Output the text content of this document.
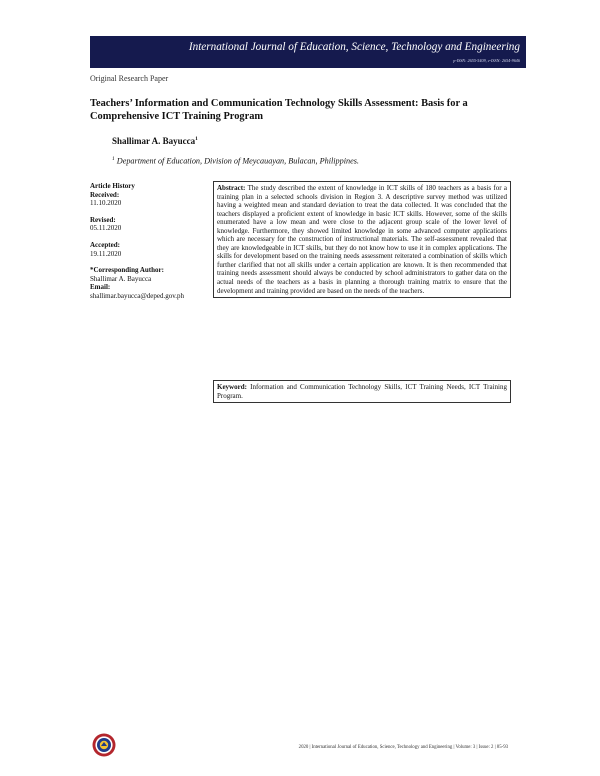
International Journal of Education, Science, Technology and Engineering
p-ISSN: 2655-5409, e-ISSN: 2654-9646
Original Research Paper
Teachers’ Information and Communication Technology Skills Assessment: Basis for a Comprehensive ICT Training Program
Shallimar A. Bayucca$^1$
$^1$ Department of Education, Division of Meycauayan, Bulacan, Philippines.
Article History
Received:
11.10.2020
Revised:
05.11.2020
Accepted:
19.11.2020
*Corresponding Author:
Shallimar A. Bayucca
Email:
shallimar.bayucca@deped.gov.ph
Abstract: The study described the extent of knowledge in ICT skills of 180 teachers as a basis for a training plan in a selected schools division in Region 3. A descriptive survey method was utilized having a weighted mean and standard deviation to treat the data collected. It was concluded that the teachers displayed a proficient extent of knowledge in basic ICT skills. However, some of the skills enumerated have a low mean and were close to the adjacent group scale of the lower level of knowledge. Furthermore, they showed limited knowledge in some advanced computer applications which are necessary for the construction of instructional materials. The self-assessment revealed that they are knowledgeable in ICT skills, but they do not know how to use it in complex applications. The skills for development based on the training needs assessment reiterated a combination of skills which further clarified that not all skills under a certain application are known. It is then recommended that training needs assessment should always be conducted by school administrators to gather data on the actual needs of the teachers as a basis in planning a thorough training matrix to ensure that the development and training provided are based on the needs of the teachers.
Keyword: Information and Communication Technology Skills, ICT Training Needs, ICT Training Program.
2020 | International Journal of Education, Science, Technology and Engineering | Volume: 3 | Issue: 2 | 85-93
